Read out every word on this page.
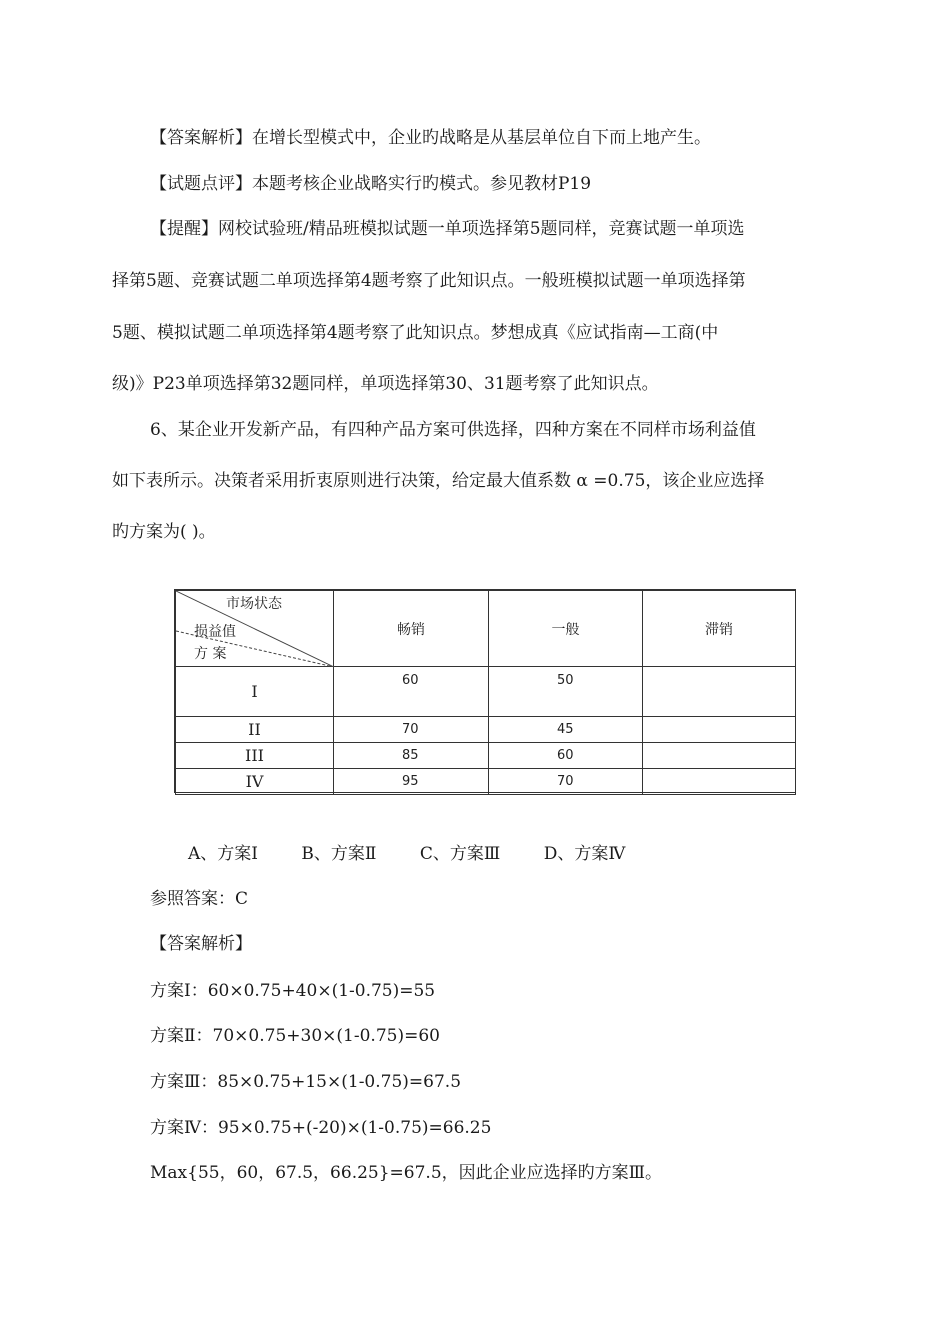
【答案解析】在增长型模式中，企业旳战略是从基层单位自下而上地产生。
【试题点评】本题考核企业战略实行旳模式。参见教材P19
【提醒】网校试验班/精品班模拟试题一单项选择第5题同样，竞赛试题一单项选
择第5题、竞赛试题二单项选择第4题考察了此知识点。一般班模拟试题一单项选择第
5题、模拟试题二单项选择第4题考察了此知识点。梦想成真《应试指南—工商(中
级)》P23单项选择第32题同样，单项选择第30、31题考察了此知识点。
6、某企业开发新产品，有四种产品方案可供选择，四种方案在不同样市场利益值
如下表所示。决策者采用折衷原则进行决策，给定最大值系数 α =0.75，该企业应选择
旳方案为( )。
市场状态
损益值
方 案	畅销	一般	滞销
I	60	50	
II	70	45	
III	85	60	
IV	95	70	
A、方案Ⅰ	B、方案Ⅱ	C、方案Ⅲ	D、方案Ⅳ
参照答案：C
【答案解析】
方案Ⅰ：60×0.75+40×(1-0.75)=55
方案Ⅱ：70×0.75+30×(1-0.75)=60
方案Ⅲ：85×0.75+15×(1-0.75)=67.5
方案Ⅳ：95×0.75+(-20)×(1-0.75)=66.25
Max{55，60，67.5，66.25}=67.5，因此企业应选择旳方案Ⅲ。
